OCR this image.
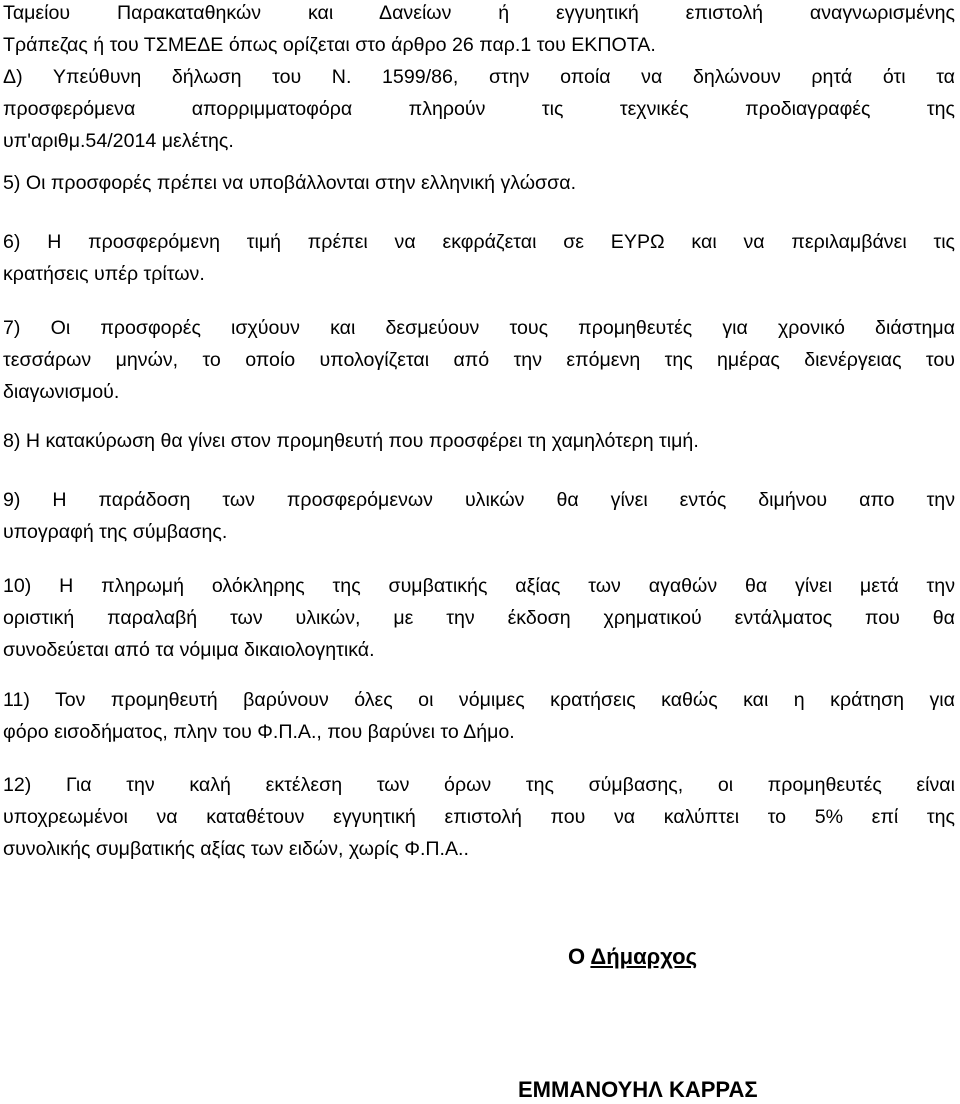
Ταμείου Παρακαταθηκών και Δανείων ή εγγυητική επιστολή αναγνωρισμένης
Τράπεζας ή του ΤΣΜΕΔΕ όπως ορίζεται στο άρθρο 26 παρ.1 του ΕΚΠΟΤΑ.
Δ) Υπεύθυνη δήλωση του Ν. 1599/86, στην οποία να δηλώνουν ρητά ότι τα
προσφερόμενα απορριμματοφόρα πληρούν τις τεχνικές προδιαγραφές της
υπ'αριθμ.54/2014 μελέτης.
5) Οι προσφορές πρέπει να υποβάλλονται στην ελληνική γλώσσα.
6) Η προσφερόμενη τιμή πρέπει να εκφράζεται σε ΕΥΡΩ και να περιλαμβάνει τις
κρατήσεις υπέρ τρίτων.
7) Οι προσφορές ισχύουν και δεσμεύουν τους προμηθευτές για χρονικό διάστημα
τεσσάρων μηνών, το οποίο υπολογίζεται από την επόμενη της ημέρας διενέργειας του
διαγωνισμού.
8) Η κατακύρωση θα γίνει στον προμηθευτή που προσφέρει τη χαμηλότερη τιμή.
9) Η παράδοση των προσφερόμενων υλικών θα γίνει εντός διμήνου απο την
υπογραφή της σύμβασης.
10) Η πληρωμή ολόκληρης της συμβατικής αξίας των αγαθών θα γίνει μετά την
οριστική παραλαβή των υλικών, με την έκδοση χρηματικού εντάλματος που θα
συνοδεύεται από τα νόμιμα δικαιολογητικά.
11) Τον προμηθευτή βαρύνουν όλες οι νόμιμες κρατήσεις καθώς και η κράτηση για
φόρο εισοδήματος, πλην του Φ.Π.Α., που βαρύνει το Δήμο.
12) Για την καλή εκτέλεση των όρων της σύμβασης, οι προμηθευτές είναι
υποχρεωμένοι να καταθέτουν εγγυητική επιστολή που να καλύπτει το 5% επί της
συνολικής συμβατικής αξίας των ειδών, χωρίς Φ.Π.Α..
Ο Δήμαρχος
ΕΜΜΑΝΟΥΗΛ ΚΑΡΡΑΣ
